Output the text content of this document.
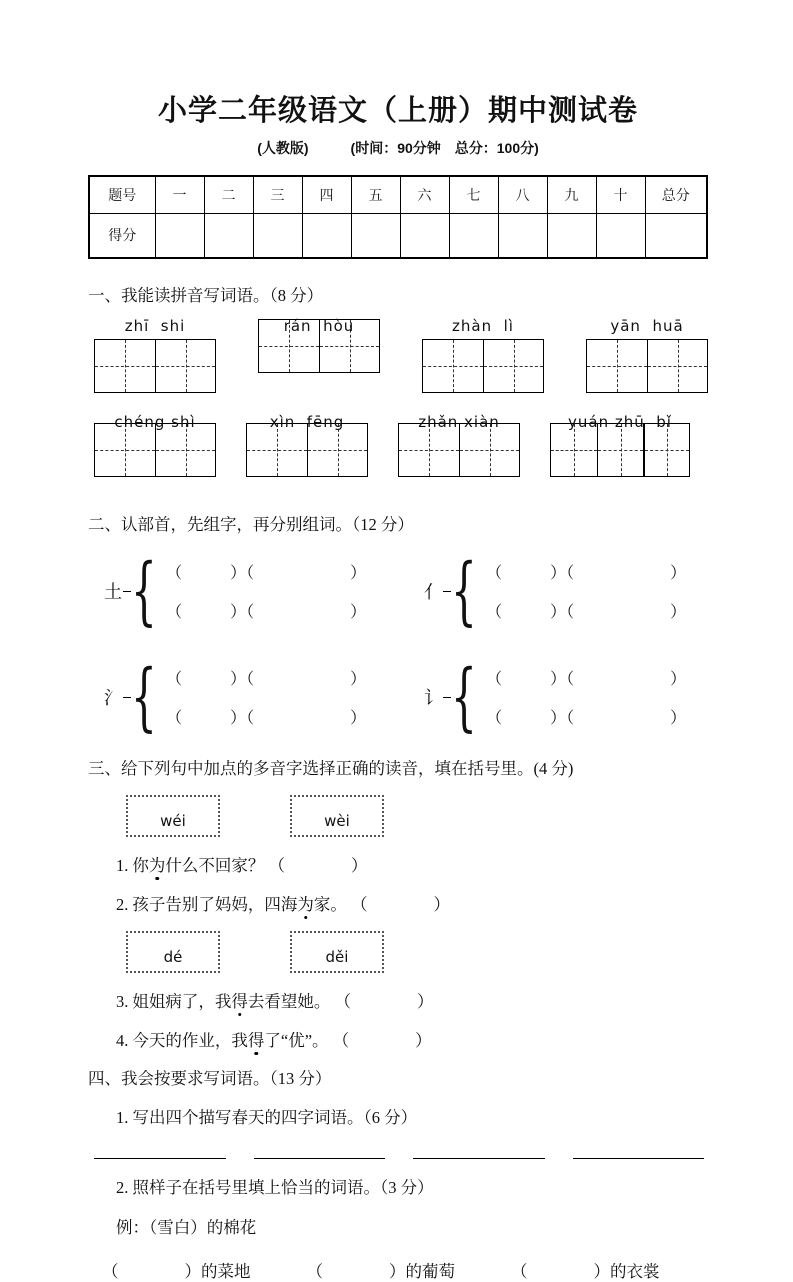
小学二年级语文（上册）期中测试卷
(人教版)	(时间：90分钟　总分：100分)
题号	一	二	三	四	五	六	七	八	九	十	总分
得分											
一、我能读拼音写词语。（8 分）
zhī  shi	rán  hòu	zhàn  lì	yān  huā
chéng shì	xìn  fēng	zhǎn xiàn	yuán zhū  bǐ
二、认部首，先组字，再分别组词。（12 分）
土 { （　　　）（　　　　　　）
（　　　）（　　　　　　）
亻 { （　　　）（　　　　　　）
（　　　）（　　　　　　）
氵 { （　　　）（　　　　　　）
（　　　）（　　　　　　）
讠 { （　　　）（　　　　　　）
（　　　）（　　　　　　）
三、给下列句中加点的多音字选择正确的读音，填在括号里。(4 分)
wéi	wèi
1. 你为什么不回家？ （　　　　）
2. 孩子告别了妈妈，四海为家。 （　　　　）
dé	děi
3. 姐姐病了，我得去看望她。 （　　　　）
4. 今天的作业，我得了“优”。 （　　　　）
四、我会按要求写词语。（13 分）
1. 写出四个描写春天的四字词语。（6 分）
2. 照样子在括号里填上恰当的词语。（3 分）
例：（雪白）的棉花
（　　　　）的菜地	（　　　　）的葡萄	（　　　　）的衣裳
